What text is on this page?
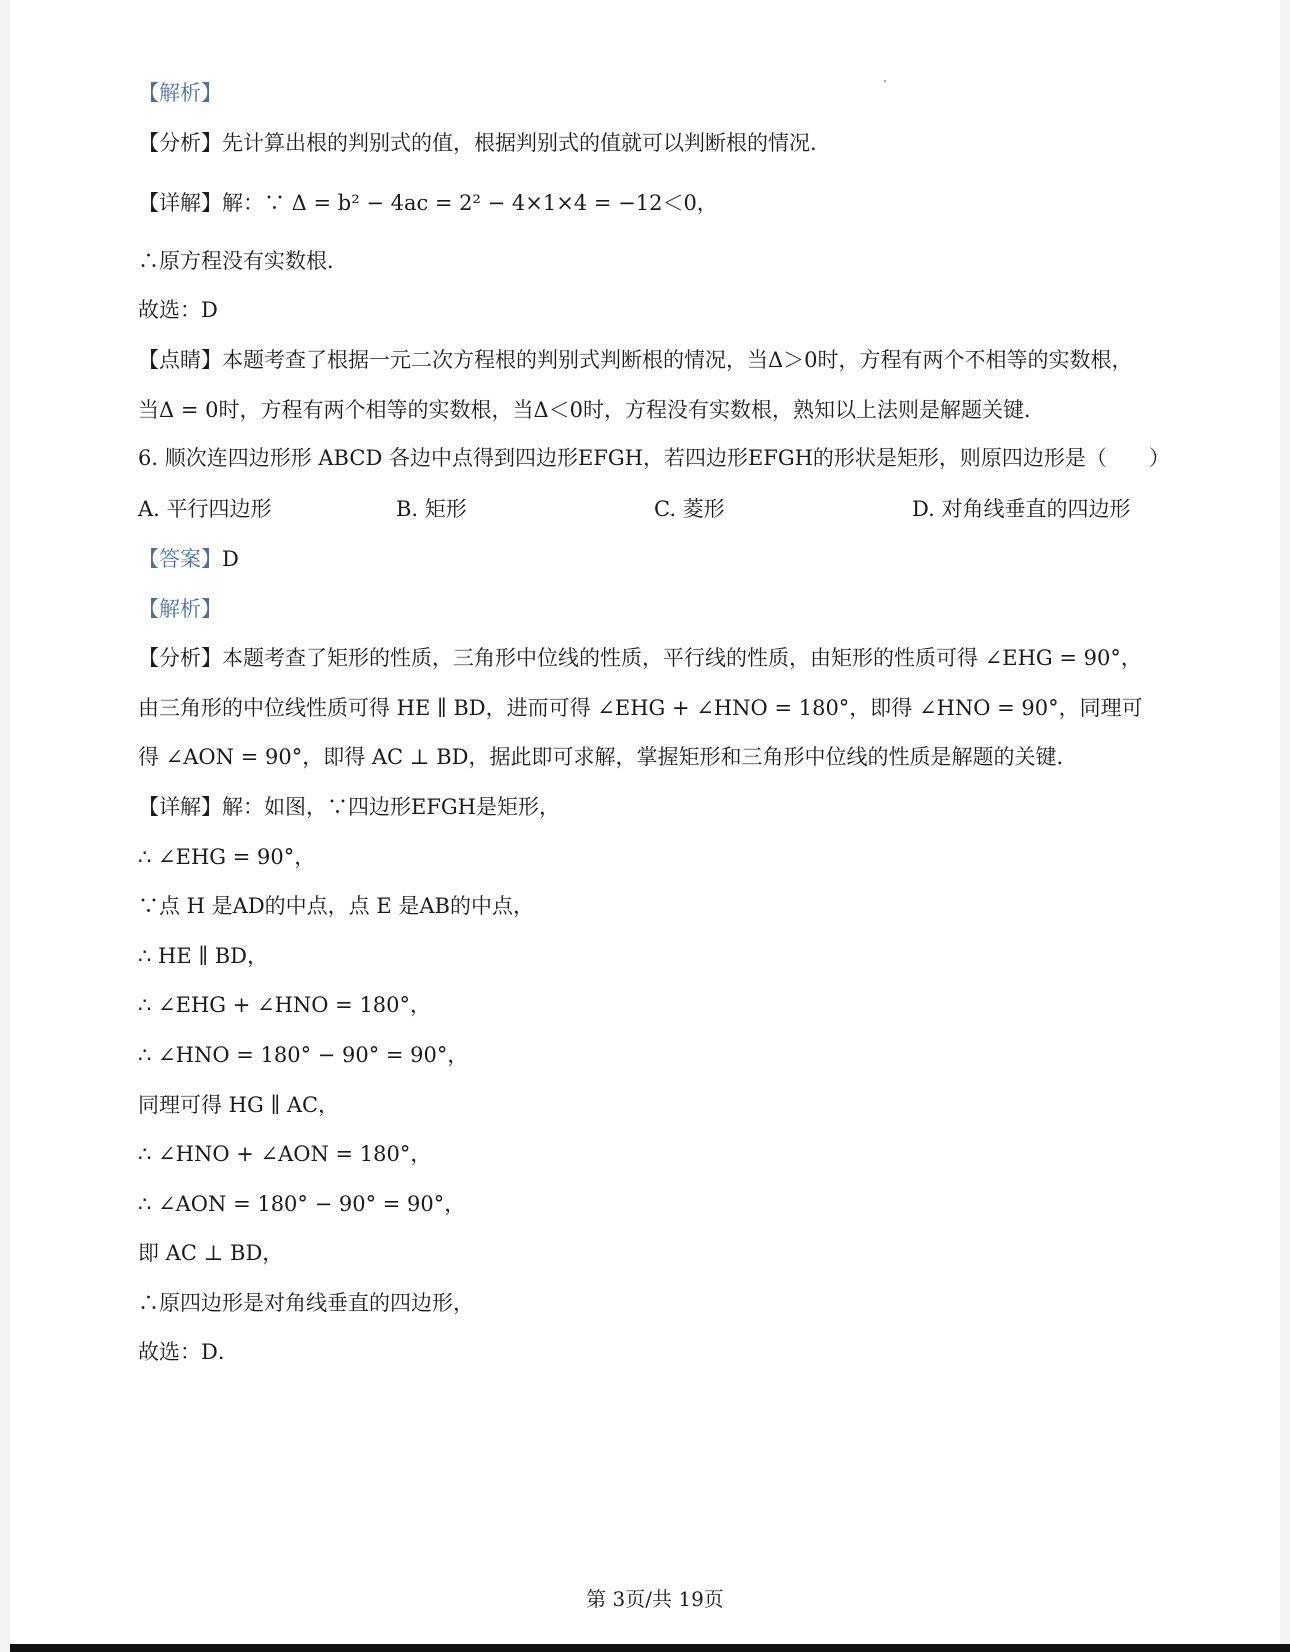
【解析】
【分析】先计算出根的判别式的值，根据判别式的值就可以判断根的情况．
【详解】解：∵ Δ = b² − 4ac = 2² − 4×1×4 = −12＜0，
∴原方程没有实数根．
故选：D
【点睛】本题考查了根据一元二次方程根的判别式判断根的情况，当Δ＞0时，方程有两个不相等的实数根，
当Δ = 0时，方程有两个相等的实数根，当Δ＜0时，方程没有实数根，熟知以上法则是解题关键．
6. 顺次连四边形形 ABCD 各边中点得到四边形EFGH，若四边形EFGH的形状是矩形，则原四边形是（　　）
A. 平行四边形	B. 矩形	C. 菱形	D. 对角线垂直的四边形
【答案】D
【解析】
【分析】本题考查了矩形的性质，三角形中位线的性质，平行线的性质，由矩形的性质可得 ∠EHG = 90°，
由三角形的中位线性质可得 HE ∥ BD，进而可得 ∠EHG + ∠HNO = 180°，即得 ∠HNO = 90°，同理可
得 ∠AON = 90°，即得 AC ⊥ BD，据此即可求解，掌握矩形和三角形中位线的性质是解题的关键．
【详解】解：如图，∵四边形EFGH是矩形，
∴ ∠EHG = 90°，
∵点 H 是AD的中点，点 E 是AB的中点，
∴ HE ∥ BD，
∴ ∠EHG + ∠HNO = 180°，
∴ ∠HNO = 180° − 90° = 90°，
同理可得 HG ∥ AC，
∴ ∠HNO + ∠AON = 180°，
∴ ∠AON = 180° − 90° = 90°，
即 AC ⊥ BD，
∴原四边形是对角线垂直的四边形，
故选：D．
第 3页/共 19页
